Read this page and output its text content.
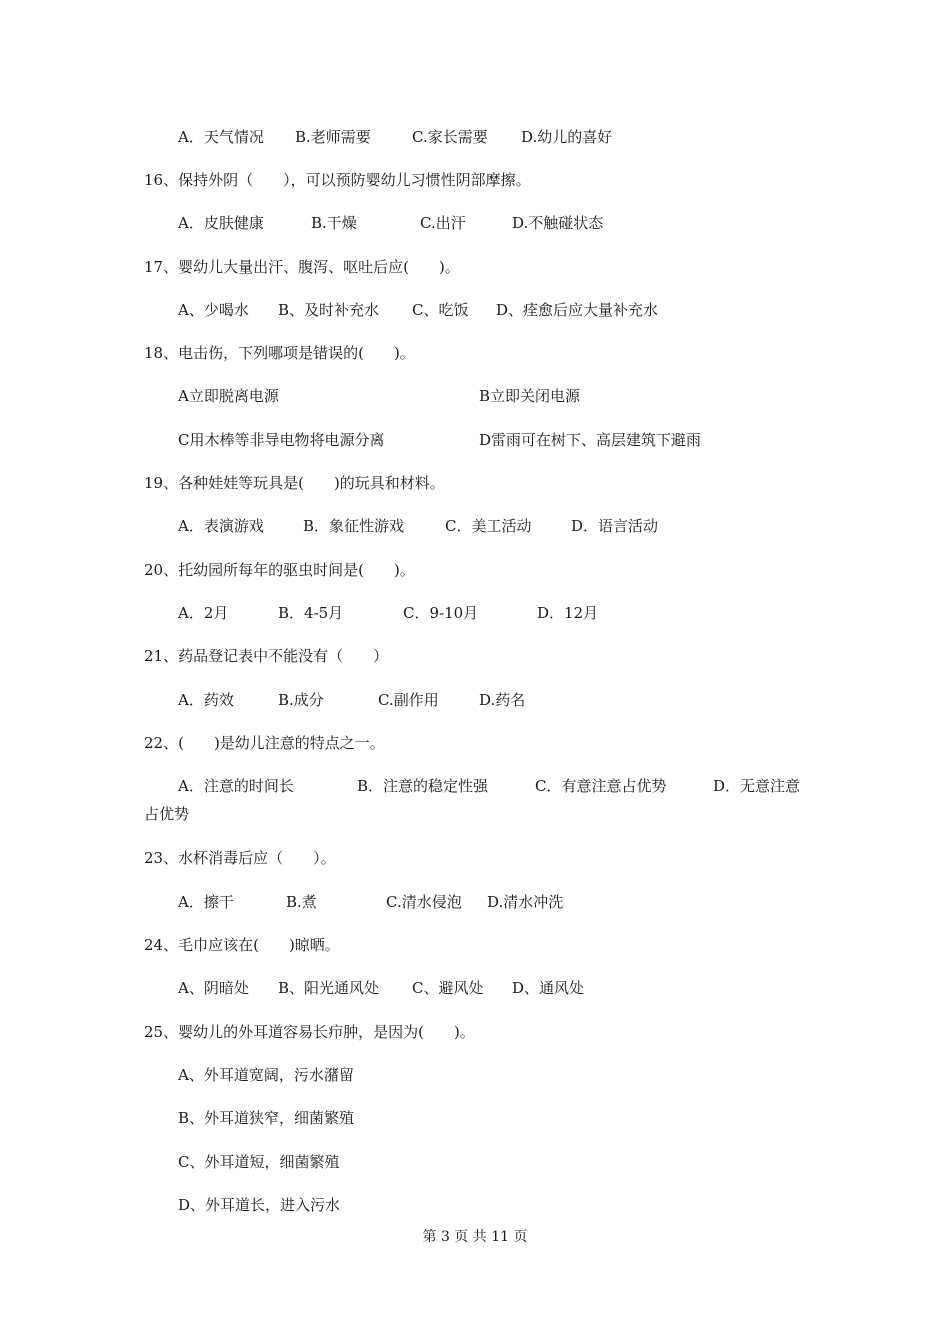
A．天气情况 B.老师需要	C.家长需要 D.幼儿的喜好
16、保持外阴（　　），可以预防婴幼儿习惯性阴部摩擦。
A．皮肤健康	B.干燥	C.出汗	D.不触碰状态
17、婴幼儿大量出汗、腹泻、呕吐后应(　　)。
A、少喝水 B、及时补充水 C、吃饭 D、痊愈后应大量补充水
18、电击伤，下列哪项是错误的(　　)。
A立即脱离电源	B立即关闭电源
C用木棒等非导电物将电源分离	D雷雨可在树下、高层建筑下避雨
19、各种娃娃等玩具是(　　)的玩具和材料。
A．表演游戏	B．象征性游戏	C．美工活动	D．语言活动
20、托幼园所每年的驱虫时间是(　　)。
A．2月	B．4-5月	C．9-10月	D．12月
21、药品登记表中不能没有（　　）
A．药效	B.成分	C.副作用	D.药名
22、(　　)是幼儿注意的特点之一。
A．注意的时间长	B．注意的稳定性强	C．有意注意占优势	D．无意注意
占优势
23、水杯消毒后应（　　）。
A．擦干	B.煮	C.清水侵泡 D.清水冲洗
24、毛巾应该在(　　)晾晒。
A、阴暗处 B、阳光通风处 C、避风处 D、通风处
25、婴幼儿的外耳道容易长疖肿，是因为(　　)。
A、外耳道宽阔，污水潴留
B、外耳道狭窄，细菌繁殖
C、外耳道短，细菌繁殖
D、外耳道长，进入污水
第 3 页 共 11 页
